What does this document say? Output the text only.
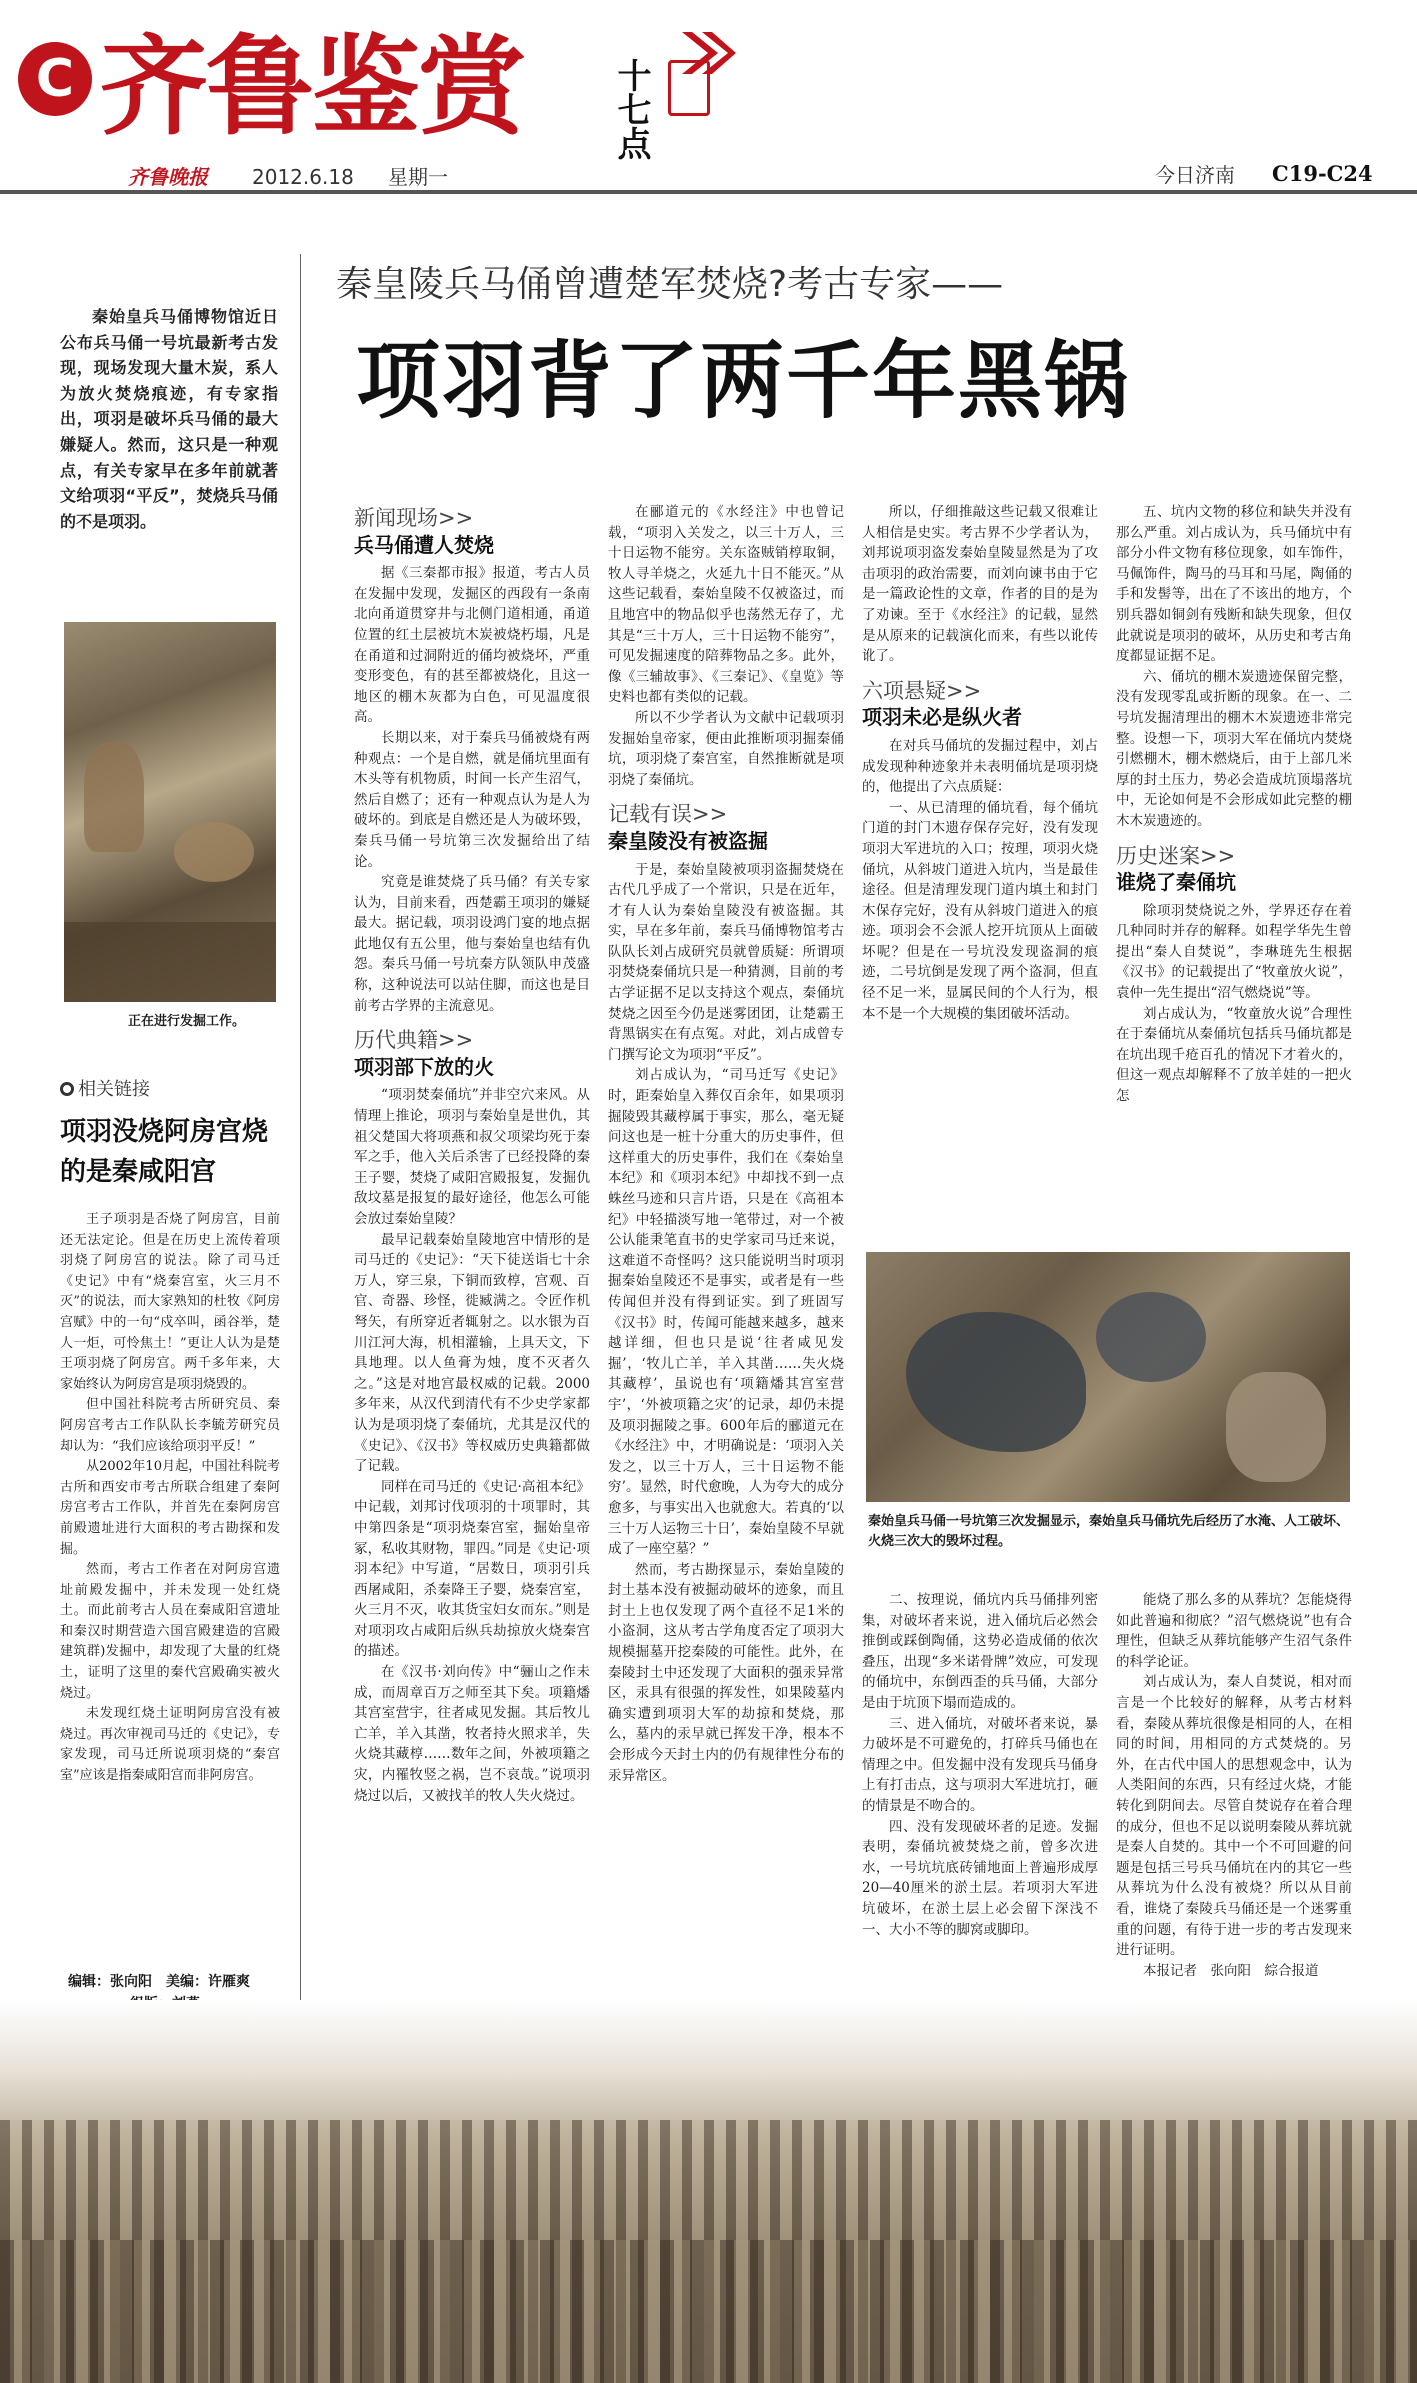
C 齐鲁鉴赏	十七点
齐鲁晚报 2012.6.18 星期一	今日济南 C19-C24
秦始皇兵马俑博物馆近日公布兵马俑一号坑最新考古发现，现场发现大量木炭，系人为放火焚烧痕迹，有专家指出，项羽是破坏兵马俑的最大嫌疑人。然而，这只是一种观点，有关专家早在多年前就著文给项羽“平反”，焚烧兵马俑的不是项羽。
正在进行发掘工作。
相关链接
项羽没烧阿房宫烧的是秦咸阳宫

王子项羽是否烧了阿房宫，目前还无法定论。但是在历史上流传着项羽烧了阿房宫的说法。除了司马迁《史记》中有“烧秦宫室，火三月不灭”的说法，而大家熟知的杜牧《阿房宫赋》中的一句“戍卒叫，函谷举，楚人一炬，可怜焦土！”更让人认为是楚王项羽烧了阿房宫。两千多年来，大家始终认为阿房宫是项羽烧毁的。

但中国社科院考古所研究员、秦阿房宫考古工作队队长李毓芳研究员却认为：“我们应该给项羽平反！”

从2002年10月起，中国社科院考古所和西安市考古所联合组建了秦阿房宫考古工作队，并首先在秦阿房宫前殿遗址进行大面积的考古勘探和发掘。

然而，考古工作者在对阿房宫遗址前殿发掘中，并未发现一处红烧土。而此前考古人员在秦咸阳宫遗址和秦汉时期营造六国宫殿建造的宫殿建筑群)发掘中，却发现了大量的红烧土，证明了这里的秦代宫殿确实被火烧过。

未发现红烧土证明阿房宫没有被烧过。再次审视司马迁的《史记》，专家发现，司马迁所说项羽烧的“秦宫室”应该是指秦咸阳宫而非阿房宫。

编辑：张向阳　美编：许雁爽
秦皇陵兵马俑曾遭楚军焚烧?考古专家——
项羽背了两千年黑锅
新闻现场>>
兵马俑遭人焚烧

据《三秦都市报》报道，考古人员在发掘中发现，发掘区的西段有一条南北向甬道贯穿井与北侧门道相通，甬道位置的红土层被坑木炭被烧朽塌，凡是在甬道和过洞附近的俑均被烧坏，严重变形变色，有的甚至都被烧化，且这一地区的棚木灰都为白色，可见温度很高。

长期以来，对于秦兵马俑被烧有两种观点：一个是自燃，就是俑坑里面有木头等有机物质，时间一长产生沼气，然后自燃了；还有一种观点认为是人为破坏的。到底是自燃还是人为破坏毁，秦兵马俑一号坑第三次发掘给出了结论。

究竟是谁焚烧了兵马俑？有关专家认为，目前来看，西楚霸王项羽的嫌疑最大。据记载，项羽设鸿门宴的地点据此地仅有五公里，他与秦始皇也结有仇怨。秦兵马俑一号坑秦方队领队申茂盛称，这种说法可以站住脚，而这也是目前考古学界的主流意见。

历代典籍>>
项羽部下放的火

“项羽焚秦俑坑”并非空穴来风。从情理上推论，项羽与秦始皇是世仇，其祖父楚国大将项燕和叔父项梁均死于秦军之手，他入关后杀害了已经投降的秦王子婴，焚烧了咸阳宫殿报复，发掘仇敌坟墓是报复的最好途径，他怎么可能会放过秦始皇陵？

最早记载秦始皇陵地宫中情形的是司马迁的《史记》：“天下徒送诣七十余万人，穿三泉，下铜而致椁，宫观、百官、奇器、珍怪，徙臧满之。令匠作机弩矢，有所穿近者辄射之。以水银为百川江河大海，机相灌输，上具天文，下具地理。以人鱼膏为烛，度不灭者久之。”这是对地宫最权威的记载。2000多年来，从汉代到清代有不少史学家都认为是项羽烧了秦俑坑，尤其是汉代的《史记》、《汉书》等权威历史典籍都做了记载。

同样在司马迁的《史记·高祖本纪》中记载，刘邦讨伐项羽的十项罪时，其中第四条是“项羽烧秦宫室，掘始皇帝冢，私收其财物，罪四。”同是《史记·项羽本纪》中写道，“居数日，项羽引兵西屠咸阳，杀秦降王子婴，烧秦宫室，火三月不灭，收其货宝妇女而东。”则是对项羽攻占咸阳后纵兵劫掠放火烧秦宫的描述。

在《汉书·刘向传》中“骊山之作未成，而周章百万之师至其下矣。项籍燔其宫室营宇，往者咸见发掘。其后牧儿亡羊，羊入其凿，牧者持火照求羊，失火烧其藏椁……数年之间，外被项籍之灾，内罹牧竖之祸，岂不哀哉。”说项羽烧过以后，又被找羊的牧人失火烧过。

在郦道元的《水经注》中也曾记载，“项羽入关发之，以三十万人，三十日运物不能穷。关东盗贼销椁取铜，牧人寻羊烧之，火延九十日不能灭。”从这些记载看，秦始皇陵不仅被盗过，而且地宫中的物品似乎也荡然无存了，尤其是“三十万人，三十日运物不能穷”，可见发掘速度的陪葬物品之多。此外，像《三辅故事》、《三秦记》、《皇览》等史料也都有类似的记载。

所以不少学者认为文献中记载项羽发掘始皇帝家，便由此推断项羽掘秦俑坑，项羽烧了秦宫室，自然推断就是项羽烧了秦俑坑。

记载有误>>
秦皇陵没有被盗掘

于是，秦始皇陵被项羽盗掘焚烧在古代几乎成了一个常识，只是在近年，才有人认为秦始皇陵没有被盗掘。其实，早在多年前，秦兵马俑博物馆考古队队长刘占成研究员就曾质疑：所谓项羽焚烧秦俑坑只是一种猜测，目前的考古学证据不足以支持这个观点，秦俑坑焚烧之因至今仍是迷雾团团，让楚霸王背黑锅实在有点冤。对此，刘占成曾专门撰写论文为项羽“平反”。

刘占成认为，“司马迁写《史记》时，距秦始皇入葬仅百余年，如果项羽掘陵毁其藏椁属于事实，那么，毫无疑问这也是一桩十分重大的历史事件，但这样重大的历史事件，我们在《秦始皇本纪》和《项羽本纪》中却找不到一点蛛丝马迹和只言片语，只是在《高祖本纪》中轻描淡写地一笔带过，对一个被公认能秉笔直书的史学家司马迁来说，这难道不奇怪吗？这只能说明当时项羽掘秦始皇陵还不是事实，或者是有一些传闻但并没有得到证实。到了班固写《汉书》时，传闻可能越来越多，越来越详细，但也只是说‘往者咸见发掘’，‘牧儿亡羊，羊入其凿……失火烧其藏椁’，虽说也有‘项籍燔其宫室营宇’，‘外被项籍之灾’的记录，却仍未提及项羽掘陵之事。600年后的郦道元在《水经注》中，才明确说是：‘项羽入关发之，以三十万人，三十日运物不能穷’。显然，时代愈晚，人为夸大的成分愈多，与事实出入也就愈大。若真的‘以三十万人运物三十日’，秦始皇陵不早就成了一座空墓？”

然而，考古勘探显示，秦始皇陵的封土基本没有被掘动破坏的迹象，而且封土上也仅发现了两个直径不足1米的小盗洞，这从考古学角度否定了项羽大规模掘墓开挖秦陵的可能性。此外，在秦陵封土中还发现了大面积的强汞异常区，汞具有很强的挥发性，如果陵墓内确实遭到项羽大军的劫掠和焚烧，那么，墓内的汞早就已挥发干净，根本不会形成今天封土内的仍有规律性分布的汞异常区。

所以，仔细推敲这些记载又很难让人相信是史实。考古界不少学者认为，刘邦说项羽盗发秦始皇陵显然是为了攻击项羽的政治需要，而刘向谏书由于它是一篇政论性的文章，作者的目的是为了劝谏。至于《水经注》的记载，显然是从原来的记载演化而来，有些以讹传讹了。

六项悬疑>>
项羽未必是纵火者

在对兵马俑坑的发掘过程中，刘占成发现种种迹象并未表明俑坑是项羽烧的，他提出了六点质疑：

一、从已清理的俑坑看，每个俑坑门道的封门木遗存保存完好，没有发现项羽大军进坑的入口；按理，项羽火烧俑坑，从斜坡门道进入坑内，当是最佳途径。但是清理发现门道内填土和封门木保存完好，没有从斜坡门道进入的痕迹。项羽会不会派人挖开坑顶从上面破坏呢？但是在一号坑没发现盗洞的痕迹，二号坑倒是发现了两个盗洞，但直径不足一米，显属民间的个人行为，根本不是一个大规模的集团破坏活动。

五、坑内文物的移位和缺失并没有那么严重。刘占成认为，兵马俑坑中有部分小件文物有移位现象，如车饰件，马佩饰件，陶马的马耳和马尾，陶俑的手和发髻等，出在了不该出的地方，个别兵器如铜剑有残断和缺失现象，但仅此就说是项羽的破坏，从历史和考古角度都显证据不足。

六、俑坑的棚木炭遗迹保留完整，没有发现零乱或折断的现象。在一、二号坑发掘清理出的棚木木炭遗迹非常完整。设想一下，项羽大军在俑坑内焚烧引燃棚木，棚木燃烧后，由于上部几米厚的封土压力，势必会造成坑顶塌落坑中，无论如何是不会形成如此完整的棚木木炭遗迹的。

历史迷案>>
谁烧了秦俑坑

除项羽焚烧说之外，学界还存在着几种同时并存的解释。如程学华先生曾提出“秦人自焚说”，李琳琏先生根据《汉书》的记载提出了“牧童放火说”，袁仲一先生提出“沼气燃烧说”等。

刘占成认为，“牧童放火说”合理性在于秦俑坑从秦俑坑包括兵马俑坑都是在坑出现千疮百孔的情况下才着火的，但这一观点却解释不了放羊娃的一把火怎

秦始皇兵马俑一号坑第三次发掘显示，秦始皇兵马俑坑先后经历了水淹、人工破坏、火烧三次大的毁坏过程。

二、按理说，俑坑内兵马俑排列密集，对破坏者来说，进入俑坑后必然会推倒或踩倒陶俑，这势必造成俑的依次叠压，出现“多米诺骨牌”效应，可发现的俑坑中，东倒西歪的兵马俑，大部分是由于坑顶下塌而造成的。

三、进入俑坑，对破坏者来说，暴力破坏是不可避免的，打碎兵马俑也在情理之中。但发掘中没有发现兵马俑身上有打击点，这与项羽大军进坑打，砸的情景是不吻合的。

四、没有发现破坏者的足迹。发掘表明，秦俑坑被焚烧之前，曾多次进水，一号坑坑底砖铺地面上普遍形成厚20—40厘米的淤土层。若项羽大军进坑破坏，在淤土层上必会留下深浅不一、大小不等的脚窝或脚印。

能烧了那么多的从葬坑？怎能烧得如此普遍和彻底？”沼气燃烧说”也有合理性，但缺乏从葬坑能够产生沼气条件的科学论证。

刘占成认为，秦人自焚说，相对而言是一个比较好的解释，从考古材料看，秦陵从葬坑很像是相同的人，在相同的时间，用相同的方式焚烧的。另外，在古代中国人的思想观念中，认为人类阳间的东西，只有经过火烧，才能转化到阴间去。尽管自焚说存在着合理的成分，但也不足以说明秦陵从葬坑就是秦人自焚的。其中一个不可回避的问题是包括三号兵马俑坑在内的其它一些从葬坑为什么没有被烧？所以从目前看，谁烧了秦陵兵马俑还是一个迷雾重重的问题，有待于进一步的考古发现来进行证明。

本报记者　张向阳　綜合报道
